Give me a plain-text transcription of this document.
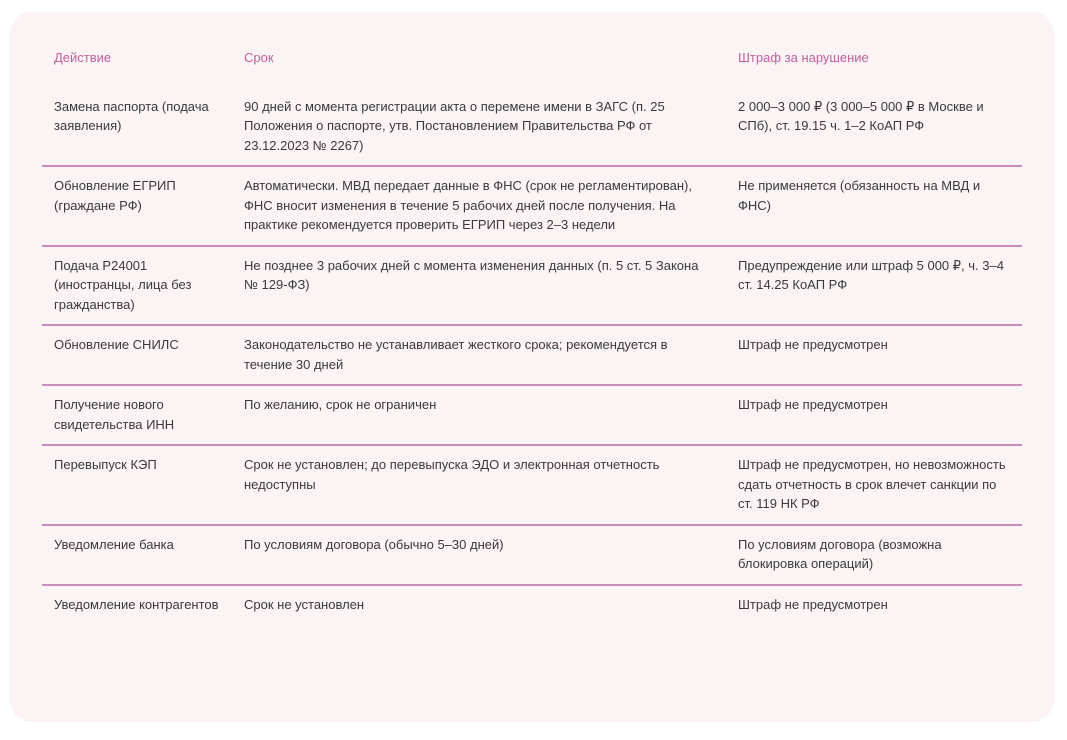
Действие	Срок	Штраф за нарушение
Замена паспорта (подача заявления)	90 дней с момента регистрации акта о перемене имени в ЗАГС (п. 25 Положения о паспорте, утв. Постановлением Правительства РФ от 23.12.2023 № 2267)	2 000–3 000 ₽ (3 000–5 000 ₽ в Москве и СПб), ст. 19.15 ч. 1–2 КоАП РФ
Обновление ЕГРИП (граждане РФ)	Автоматически. МВД передает данные в ФНС (срок не регламентирован), ФНС вносит изменения в течение 5 рабочих дней после получения. На практике рекомендуется проверить ЕГРИП через 2–3 недели	Не применяется (обязанность на МВД и ФНС)
Подача Р24001 (иностранцы, лица без гражданства)	Не позднее 3 рабочих дней с момента изменения данных (п. 5 ст. 5 Закона № 129-ФЗ)	Предупреждение или штраф 5 000 ₽, ч. 3–4 ст. 14.25 КоАП РФ
Обновление СНИЛС	Законодательство не устанавливает жесткого срока; рекомендуется в течение 30 дней	Штраф не предусмотрен
Получение нового свидетельства ИНН	По желанию, срок не ограничен	Штраф не предусмотрен
Перевыпуск КЭП	Срок не установлен; до перевыпуска ЭДО и электронная отчетность недоступны	Штраф не предусмотрен, но невозможность сдать отчетность в срок влечет санкции по ст. 119 НК РФ
Уведомление банка	По условиям договора (обычно 5–30 дней)	По условиям договора (возможна блокировка операций)
Уведомление контрагентов	Срок не установлен	Штраф не предусмотрен
